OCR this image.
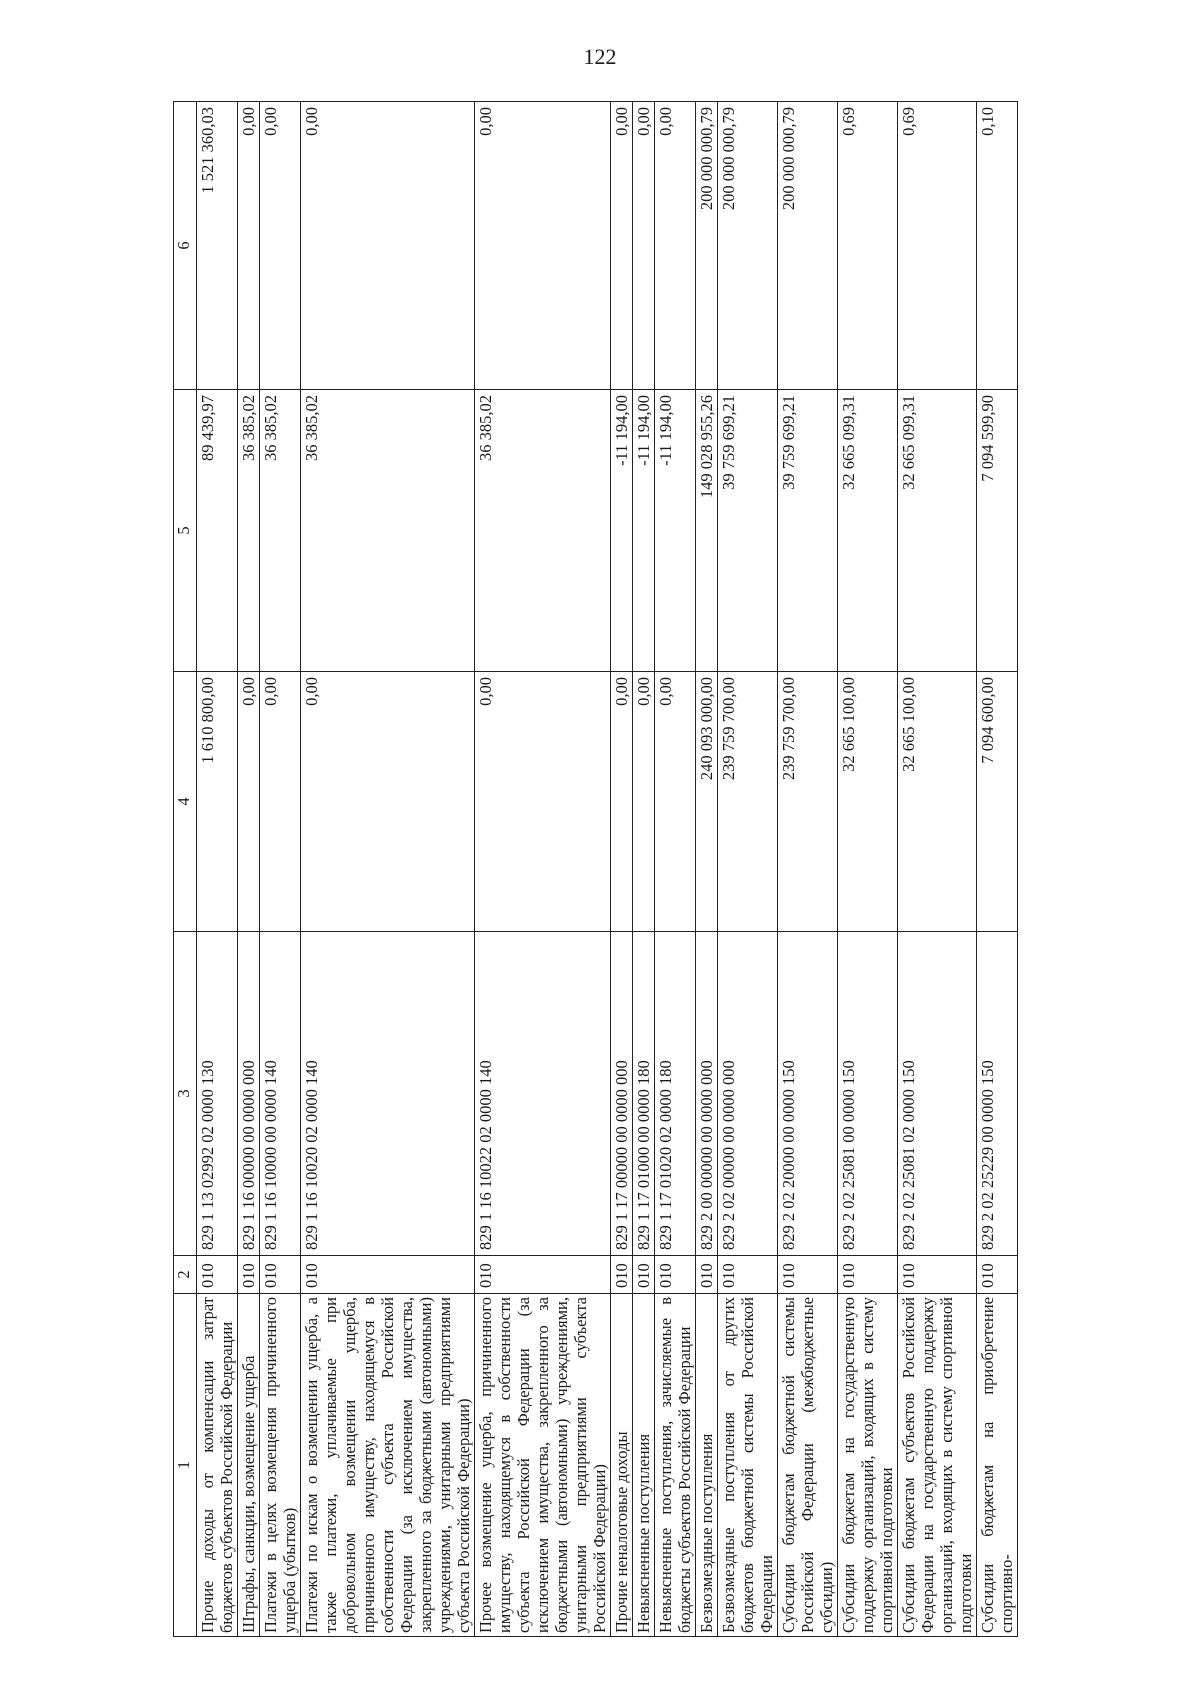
122
1	2	3	4	5	6
Прочие доходы от компенсации затрат бюджетов субъектов Российской Федерации	010	829 1 13 02992 02 0000 130	1 610 800,00	89 439,97	1 521 360,03
Штрафы, санкции, возмещение ущерба	010	829 1 16 00000 00 0000 000	0,00	36 385,02	0,00
Платежи в целях возмещения причиненного ущерба (убытков)	010	829 1 16 10000 00 0000 140	0,00	36 385,02	0,00
Платежи по искам о возмещении ущерба, а также платежи, уплачиваемые при добровольном возмещении ущерба, причиненного имуществу, находящемуся в собственности субъекта Российской Федерации (за исключением имущества, закрепленного за бюджетными (автономными) учреждениями, унитарными предприятиями субъекта Российской Федерации)	010	829 1 16 10020 02 0000 140	0,00	36 385,02	0,00
Прочее возмещение ущерба, причиненного имуществу, находящемуся в собственности субъекта Российской Федерации (за исключением имущества, закрепленного за бюджетными (автономными) учреждениями, унитарными предприятиями субъекта Российской Федерации)	010	829 1 16 10022 02 0000 140	0,00	36 385,02	0,00
Прочие неналоговые доходы	010	829 1 17 00000 00 0000 000	0,00	-11 194,00	0,00
Невыясненные поступления	010	829 1 17 01000 00 0000 180	0,00	-11 194,00	0,00
Невыясненные поступления, зачисляемые в бюджеты субъектов Российской Федерации	010	829 1 17 01020 02 0000 180	0,00	-11 194,00	0,00
Безвозмездные поступления	010	829 2 00 00000 00 0000 000	240 093 000,00	149 028 955,26	200 000 000,79
Безвозмездные поступления от других бюджетов бюджетной системы Российской Федерации	010	829 2 02 00000 00 0000 000	239 759 700,00	39 759 699,21	200 000 000,79
Субсидии бюджетам бюджетной системы Российской Федерации (межбюджетные субсидии)	010	829 2 02 20000 00 0000 150	239 759 700,00	39 759 699,21	200 000 000,79
Субсидии бюджетам на государственную поддержку организаций, входящих в систему спортивной подготовки	010	829 2 02 25081 00 0000 150	32 665 100,00	32 665 099,31	0,69
Субсидии бюджетам субъектов Российской Федерации на государственную поддержку организаций, входящих в систему спортивной подготовки	010	829 2 02 25081 02 0000 150	32 665 100,00	32 665 099,31	0,69
Субсидии бюджетам на приобретение спортивно-	010	829 2 02 25229 00 0000 150	7 094 600,00	7 094 599,90	0,10
